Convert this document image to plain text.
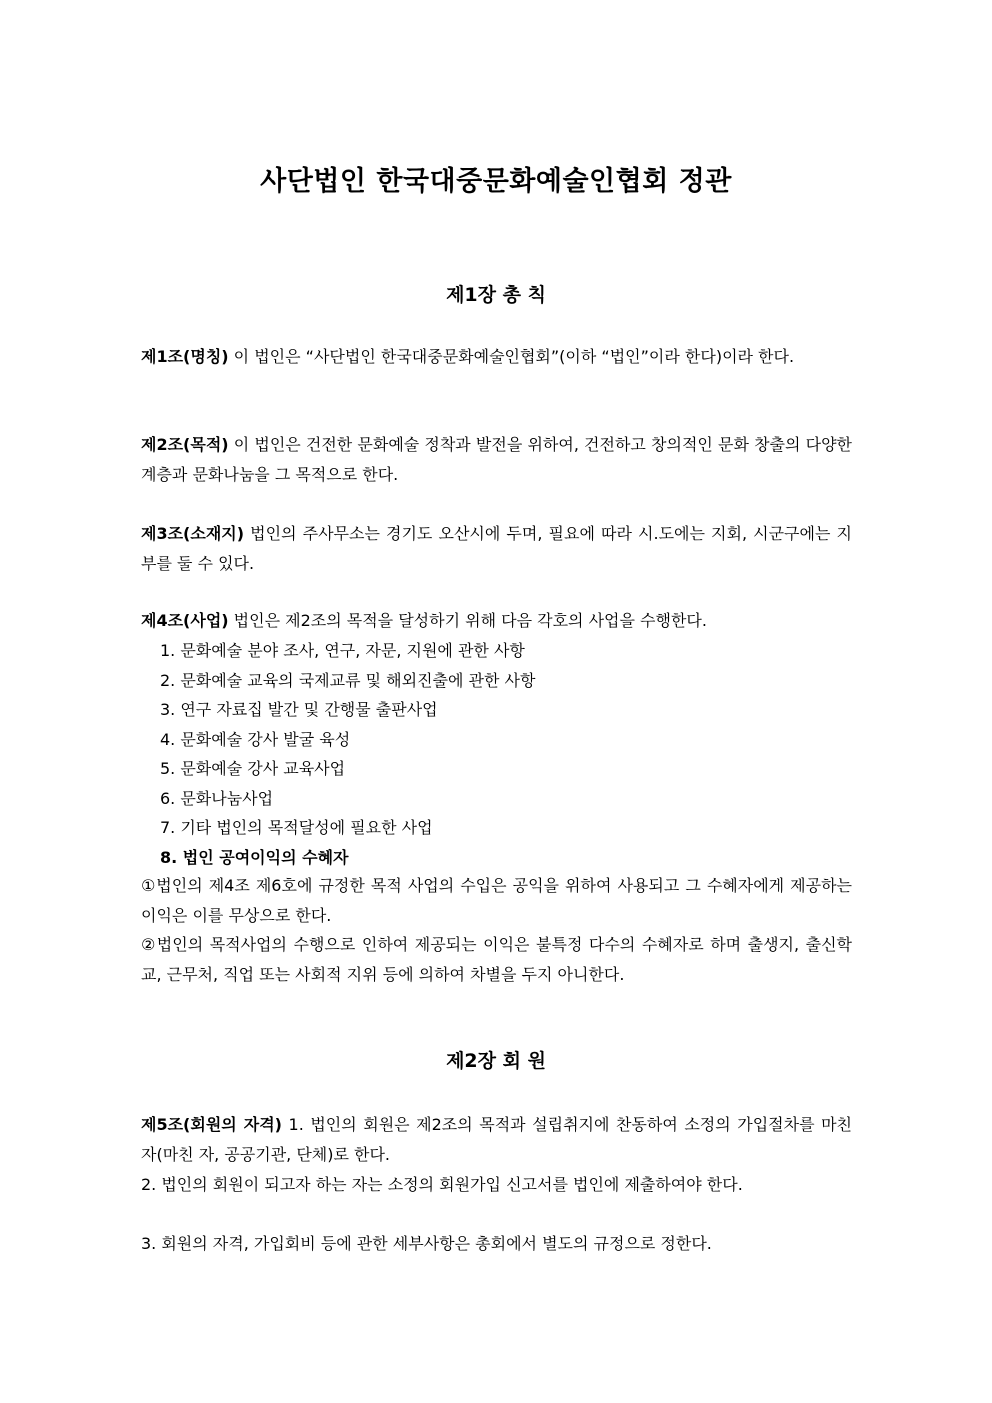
사단법인 한국대중문화예술인협회 정관
제1장 총 칙

제1조(명칭) 이 법인은 “사단법인 한국대중문화예술인협회”(이하 “법인”이라 한다)이라 한다.

제2조(목적) 이 법인은 건전한 문화예술 정착과 발전을 위하여, 건전하고 창의적인 문화 창출의 다양한 계층과 문화나눔을 그 목적으로 한다.

제3조(소재지) 법인의 주사무소는 경기도 오산시에 두며, 필요에 따라 시.도에는 지회, 시군구에는 지부를 둘 수 있다.

제4조(사업) 법인은 제2조의 목적을 달성하기 위해 다음 각호의 사업을 수행한다.

1. 문화예술 분야 조사, 연구, 자문, 지원에 관한 사항
2. 문화예술 교육의 국제교류 및 해외진출에 관한 사항
3. 연구 자료집 발간 및 간행물 출판사업
4. 문화예술 강사 발굴 육성
5. 문화예술 강사 교육사업
6. 문화나눔사업
7. 기타 법인의 목적달성에 필요한 사업
8. 법인 공여이익의 수혜자

①법인의 제4조 제6호에 규정한 목적 사업의 수입은 공익을 위하여 사용되고 그 수혜자에게 제공하는 이익은 이를 무상으로 한다.

②법인의 목적사업의 수행으로 인하여 제공되는 이익은 불특정 다수의 수혜자로 하며 출생지, 출신학교, 근무처, 직업 또는 사회적 지위 등에 의하여 차별을 두지 아니한다.

제2장 회 원

제5조(회원의 자격) 1. 법인의 회원은 제2조의 목적과 설립취지에 찬동하여 소정의 가입절차를 마친 자(마친 자, 공공기관, 단체)로 한다.

2. 법인의 회원이 되고자 하는 자는 소정의 회원가입 신고서를 법인에 제출하여야 한다.

3. 회원의 자격, 가입회비 등에 관한 세부사항은 총회에서 별도의 규정으로 정한다.
